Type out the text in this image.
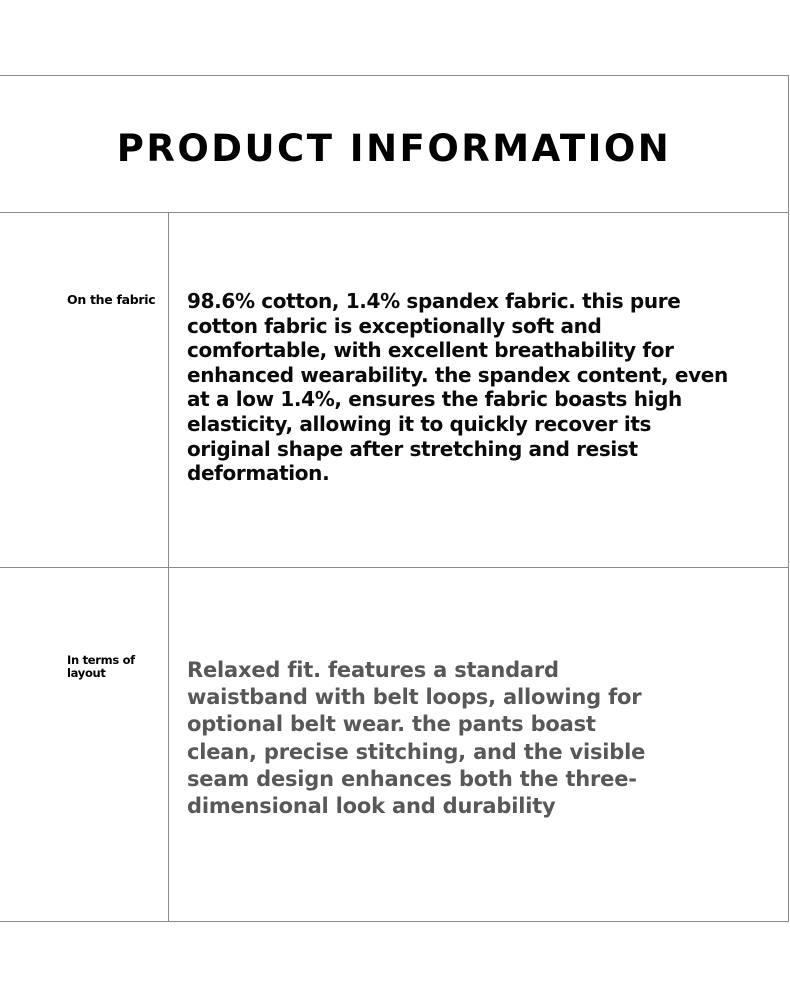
PRODUCT INFORMATION
On the fabric 98.6% cotton, 1.4% spandex fabric. this pure cotton fabric is exceptionally soft and comfortable, with excellent breathability for enhanced wearability. the spandex content, even at a low 1.4%, ensures the fabric boasts high elasticity, allowing it to quickly recover its original shape after stretching and resist deformation.

In terms of layout	Relaxed fit. features a standard waistband with belt loops, allowing for optional belt wear. the pants boast clean, precise stitching, and the visible seam design enhances both the three-dimensional look and durability
